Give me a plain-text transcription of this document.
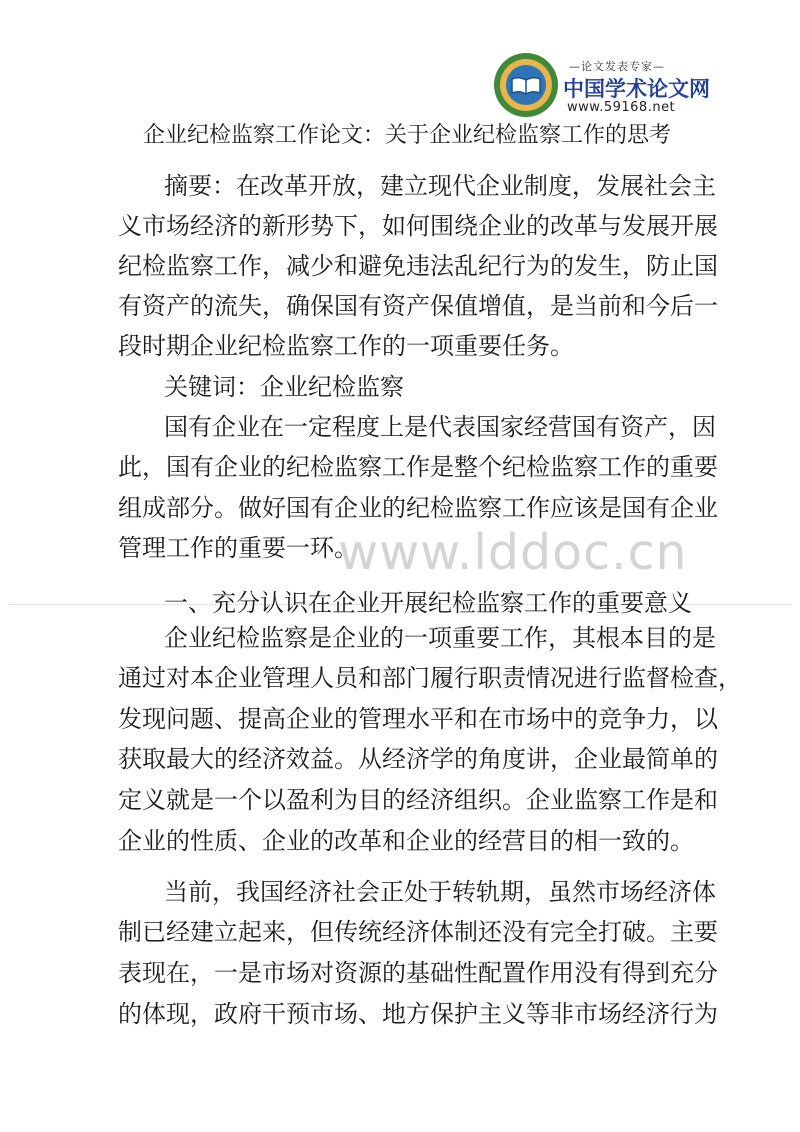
—论文发表专家—
中国学术论文网
www.59168.net
www.lddoc.cn
企业纪检监察工作论文：关于企业纪检监察工作的思考
摘要：在改革开放，建立现代企业制度，发展社会主
义市场经济的新形势下，如何围绕企业的改革与发展开展
纪检监察工作，减少和避免违法乱纪行为的发生，防止国
有资产的流失，确保国有资产保值增值，是当前和今后一
段时期企业纪检监察工作的一项重要任务。
关键词：企业纪检监察
国有企业在一定程度上是代表国家经营国有资产，因
此，国有企业的纪检监察工作是整个纪检监察工作的重要
组成部分。做好国有企业的纪检监察工作应该是国有企业
管理工作的重要一环。
一、充分认识在企业开展纪检监察工作的重要意义
企业纪检监察是企业的一项重要工作，其根本目的是
通过对本企业管理人员和部门履行职责情况进行监督检查，
发现问题、提高企业的管理水平和在市场中的竞争力，以
获取最大的经济效益。从经济学的角度讲，企业最简单的
定义就是一个以盈利为目的经济组织。企业监察工作是和
企业的性质、企业的改革和企业的经营目的相一致的。
当前，我国经济社会正处于转轨期，虽然市场经济体
制已经建立起来，但传统经济体制还没有完全打破。主要
表现在，一是市场对资源的基础性配置作用没有得到充分
的体现，政府干预市场、地方保护主义等非市场经济行为
